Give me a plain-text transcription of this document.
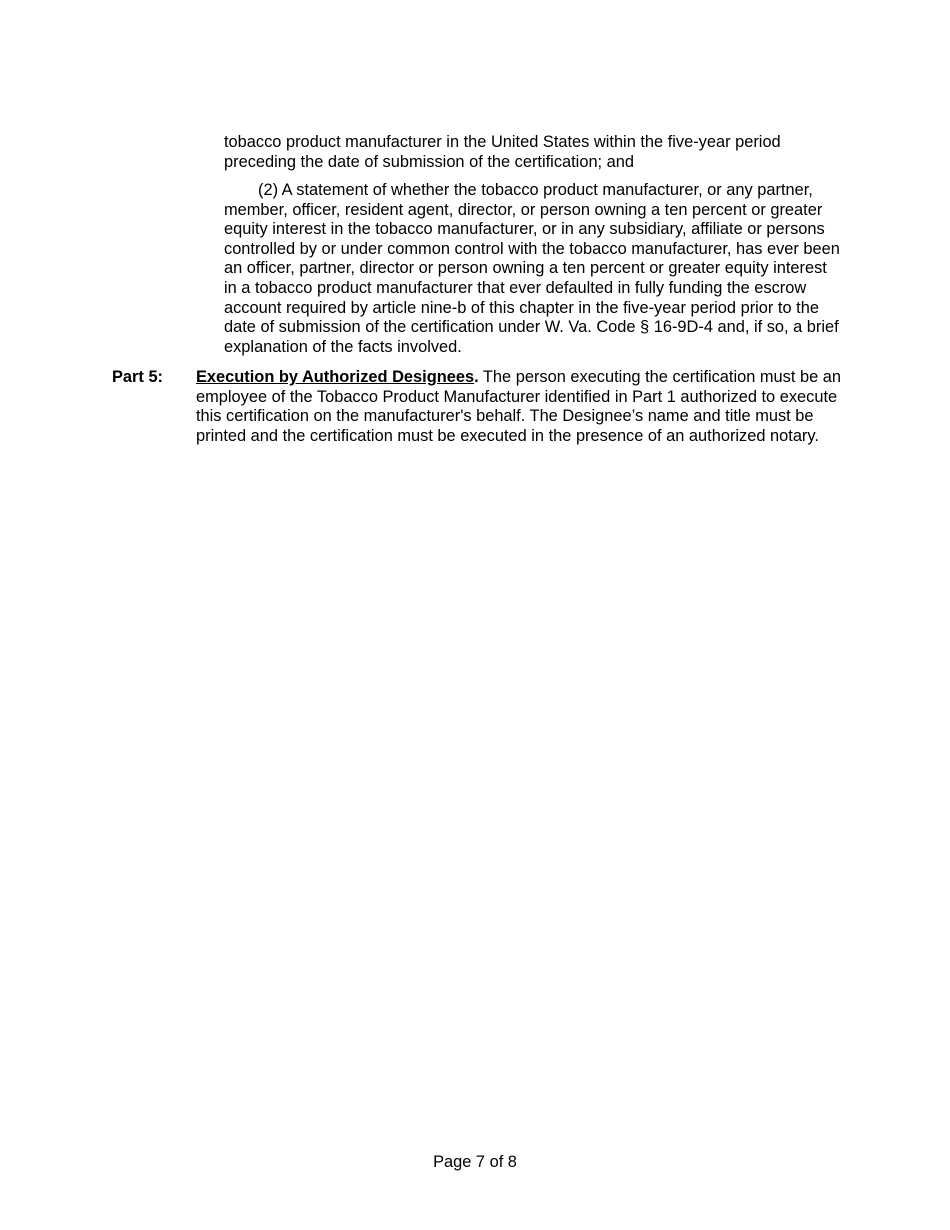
tobacco product manufacturer in the United States within the five-year period preceding the date of submission of the certification; and

(2) A statement of whether the tobacco product manufacturer, or any partner, member, officer, resident agent, director, or person owning a ten percent or greater equity interest in the tobacco manufacturer, or in any subsidiary, affiliate or persons controlled by or under common control with the tobacco manufacturer, has ever been an officer, partner, director or person owning a ten percent or greater equity interest in a tobacco product manufacturer that ever defaulted in fully funding the escrow account required by article nine-b of this chapter in the five-year period prior to the date of submission of the certification under W. Va. Code § 16-9D-4 and, if so, a brief explanation of the facts involved.

Part 5: Execution by Authorized Designees. The person executing the certification must be an employee of the Tobacco Product Manufacturer identified in Part 1 authorized to execute this certification on the manufacturer's behalf. The Designee’s name and title must be printed and the certification must be executed in the presence of an authorized notary.

Page 7 of 8
